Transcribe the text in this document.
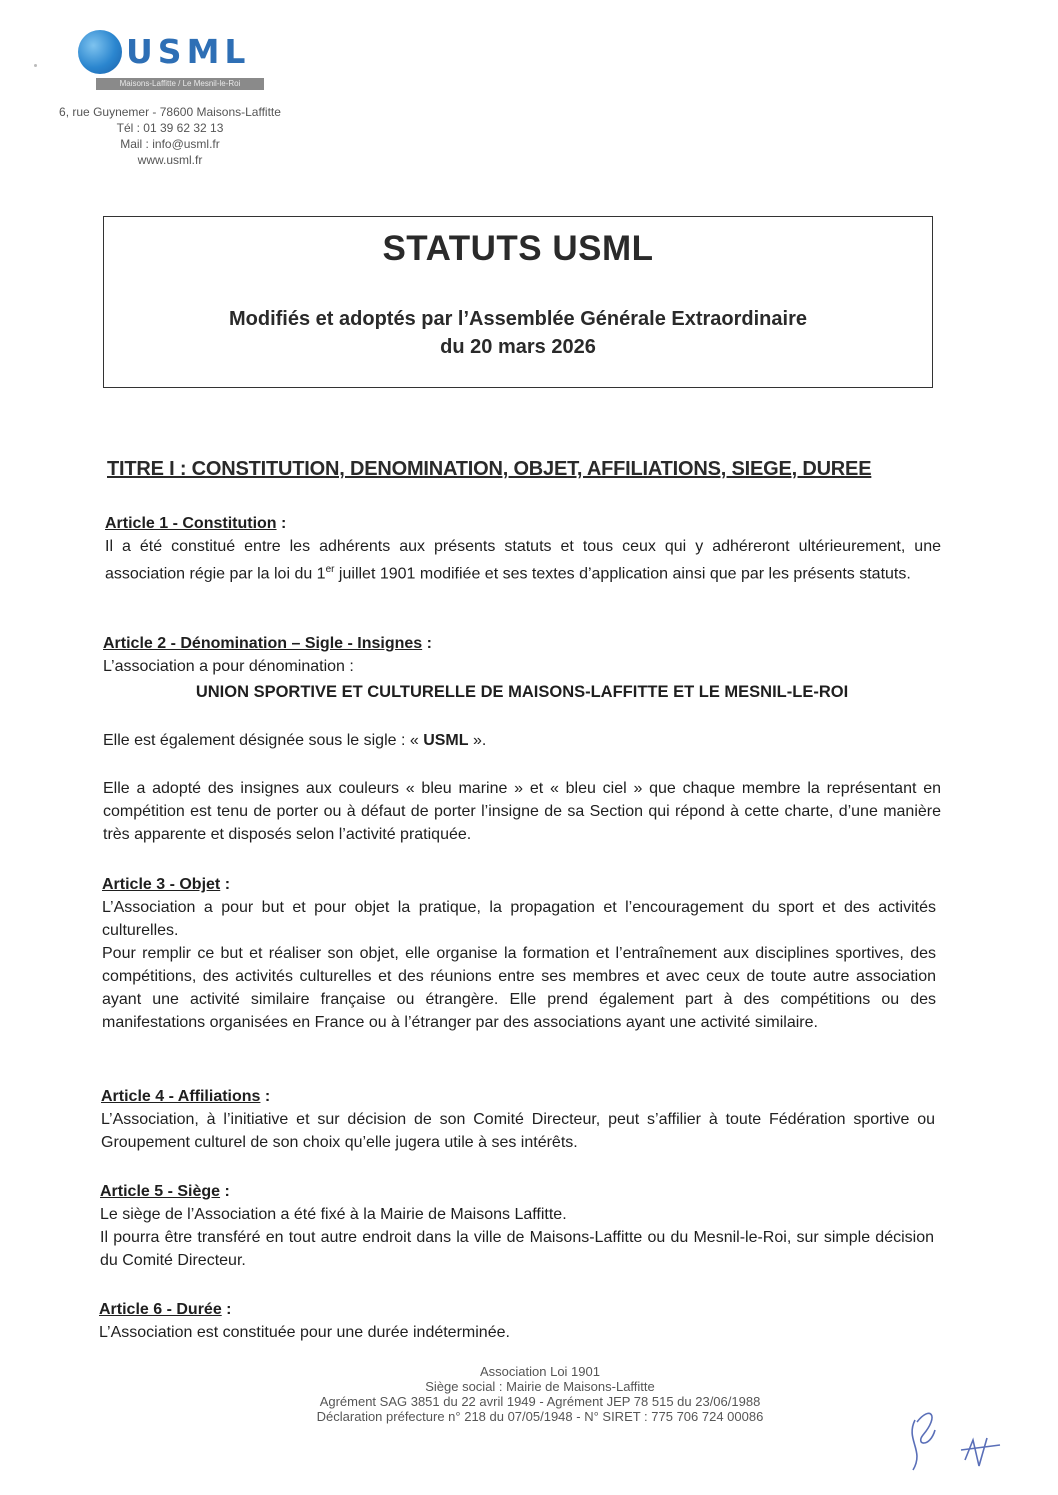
USML
Maisons-Laffitte / Le Mesnil-le-Roi
6, rue Guynemer - 78600 Maisons-Laffitte
Tél : 01 39 62 32 13
Mail : info@usml.fr
www.usml.fr
STATUTS USML
Modifiés et adoptés par l’Assemblée Générale Extraordinaire
du 20 mars 2026
TITRE I : CONSTITUTION, DENOMINATION, OBJET, AFFILIATIONS, SIEGE, DUREE
Article 1 - Constitution :

Il a été constitué entre les adhérents aux présents statuts et tous ceux qui y adhéreront ultérieurement, une association régie par la loi du 1er juillet 1901 modifiée et ses textes d’application ainsi que par les présents statuts.

Article 2 - Dénomination – Sigle - Insignes :
L’association a pour dénomination :
UNION SPORTIVE ET CULTURELLE DE MAISONS-LAFFITTE ET LE MESNIL-LE-ROI
Elle est également désignée sous le sigle : « USML ».

Elle a adopté des insignes aux couleurs « bleu marine » et « bleu ciel » que chaque membre la représentant en compétition est tenu de porter ou à défaut de porter l’insigne de sa Section qui répond à cette charte, d’une manière très apparente et disposés selon l’activité pratiquée.

Article 3 - Objet :

L’Association a pour but et pour objet la pratique, la propagation et l’encouragement du sport et des activités culturelles.

Pour remplir ce but et réaliser son objet, elle organise la formation et l’entraînement aux disciplines sportives, des compétitions, des activités culturelles et des réunions entre ses membres et avec ceux de toute autre association ayant une activité similaire française ou étrangère. Elle prend également part à des compétitions ou des manifestations organisées en France ou à l’étranger par des associations ayant une activité similaire.

Article 4 - Affiliations :

L’Association, à l’initiative et sur décision de son Comité Directeur, peut s’affilier à toute Fédération sportive ou Groupement culturel de son choix qu’elle jugera utile à ses intérêts.

Article 5 - Siège :

Le siège de l’Association a été fixé à la Mairie de Maisons Laffitte.

Il pourra être transféré en tout autre endroit dans la ville de Maisons-Laffitte ou du Mesnil-le-Roi, sur simple décision du Comité Directeur.

Article 6 - Durée :

L’Association est constituée pour une durée indéterminée.

Association Loi 1901
Siège social : Mairie de Maisons-Laffitte
Agrément SAG 3851 du 22 avril 1949 - Agrément JEP 78 515 du 23/06/1988
Déclaration préfecture n° 218 du 07/05/1948 - N° SIRET : 775 706 724 00086
